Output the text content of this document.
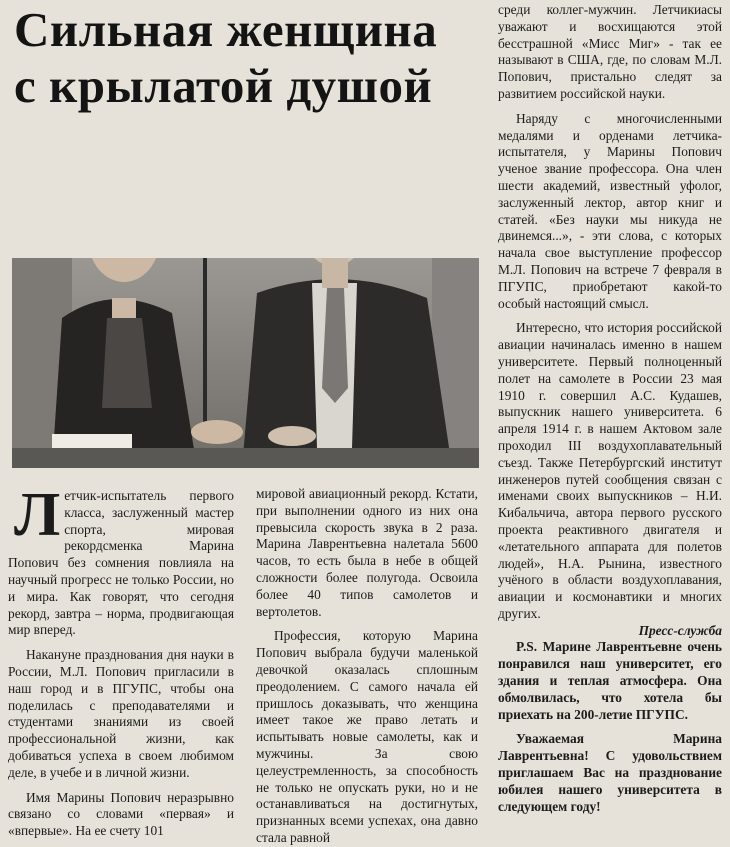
Сильная женщина
с крылатой душой

Летчик-испытатель первого класса, заслуженный мастер спорта, мировая рекордсменка Марина Попович без сомнения повлияла на научный прогресс не только России, но и мира. Как говорят, что сегодня рекорд, завтра – норма, продвигающая мир вперед.

Накануне празднования дня науки в России, М.Л. Попович пригласили в наш город и в ПГУПС, чтобы она поделилась с преподавателями и студентами знаниями из своей профессиональной жизни, как добиваться успеха в своем любимом деле, в учебе и в личной жизни.

Имя Марины Попович неразрывно связано со словами «первая» и «впервые». На ее счету 101

мировой авиационный рекорд. Кстати, при выполнении одного из них она превысила скорость звука в 2 раза. Марина Лаврентьевна налетала 5600 часов, то есть была в небе в общей сложности более полугода. Освоила более 40 типов самолетов и вертолетов.

Профессия, которую Марина Попович выбрала будучи маленькой девочкой оказалась сплошным преодолением. С самого начала ей пришлось доказывать, что женщина имеет такое же право летать и испытывать новые самолеты, как и мужчины. За свою целеустремленность, за способность не только не опускать руки, но и не останавливаться на достигнутых, признанных всеми успехах, она давно стала равной

среди коллег-мужчин. Летчикиасы уважают и восхищаются этой бесстрашной «Мисс Миг» - так ее называют в США, где, по словам М.Л. Попович, пристально следят за развитием российской науки.

Наряду с многочисленными медалями и орденами летчика-испытателя, у Марины Попович ученое звание профессора. Она член шести академий, известный уфолог, заслуженный лектор, автор книг и статей. «Без науки мы никуда не двинемся...», - эти слова, с которых начала свое выступление профессор М.Л. Попович на встрече 7 февраля в ПГУПС, приобретают какой-то особый настоящий смысл.

Интересно, что история российской авиации начиналась именно в нашем университете. Первый полноценный полет на самолете в России 23 мая 1910 г. совершил А.С. Кудашев, выпускник нашего университета. 6 апреля 1914 г. в нашем Актовом зале проходил III воздухоплавательный съезд. Также Петербургский институт инженеров путей сообщения связан с именами своих выпускников – Н.И. Кибальчича, автора первого русского проекта реактивного двигателя и «летательного аппарата для полетов людей», Н.А. Рынина, известного учёного в области воздухоплавания, авиации и космонавтики и многих других.

Пресс-служба

P.S. Марине Лаврентьевне очень понравился наш университет, его здания и теплая атмосфера. Она обмолвилась, что хотела бы приехать на 200-летие ПГУПС.

Уважаемая Марина Лаврентьевна! С удовольствием приглашаем Вас на празднование юбилея нашего университета в следующем году!
